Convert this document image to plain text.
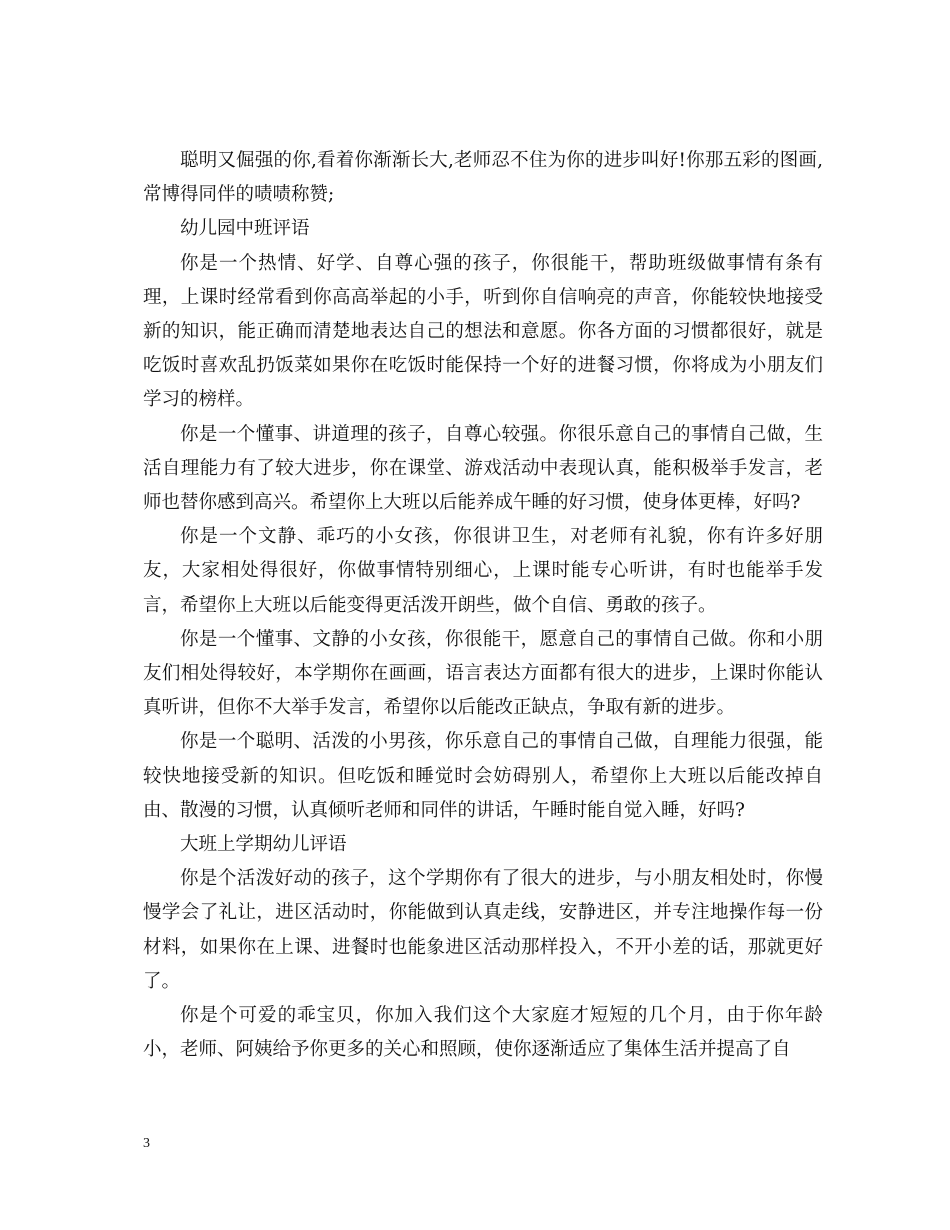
聪明又倔强的你,看着你渐渐长大,老师忍不住为你的进步叫好!你那五彩的图画,常博得同伴的啧啧称赞;

幼儿园中班评语

你是一个热情、好学、自尊心强的孩子，你很能干，帮助班级做事情有条有理，上课时经常看到你高高举起的小手，听到你自信响亮的声音，你能较快地接受新的知识，能正确而清楚地表达自己的想法和意愿。你各方面的习惯都很好，就是吃饭时喜欢乱扔饭菜如果你在吃饭时能保持一个好的进餐习惯，你将成为小朋友们学习的榜样。

你是一个懂事、讲道理的孩子，自尊心较强。你很乐意自己的事情自己做，生活自理能力有了较大进步，你在课堂、游戏活动中表现认真，能积极举手发言，老师也替你感到高兴。希望你上大班以后能养成午睡的好习惯，使身体更棒，好吗?

你是一个文静、乖巧的小女孩，你很讲卫生，对老师有礼貌，你有许多好朋友，大家相处得很好，你做事情特别细心，上课时能专心听讲，有时也能举手发言，希望你上大班以后能变得更活泼开朗些，做个自信、勇敢的孩子。

你是一个懂事、文静的小女孩，你很能干，愿意自己的事情自己做。你和小朋友们相处得较好，本学期你在画画，语言表达方面都有很大的进步，上课时你能认真听讲，但你不大举手发言，希望你以后能改正缺点，争取有新的进步。

你是一个聪明、活泼的小男孩，你乐意自己的事情自己做，自理能力很强，能较快地接受新的知识。但吃饭和睡觉时会妨碍别人，希望你上大班以后能改掉自由、散漫的习惯，认真倾听老师和同伴的讲话，午睡时能自觉入睡，好吗?

大班上学期幼儿评语

你是个活泼好动的孩子，这个学期你有了很大的进步，与小朋友相处时，你慢慢学会了礼让，进区活动时，你能做到认真走线，安静进区，并专注地操作每一份材料，如果你在上课、进餐时也能象进区活动那样投入，不开小差的话，那就更好了。

你是个可爱的乖宝贝，你加入我们这个大家庭才短短的几个月，由于你年龄小，老师、阿姨给予你更多的关心和照顾，使你逐渐适应了集体生活并提高了自

3
